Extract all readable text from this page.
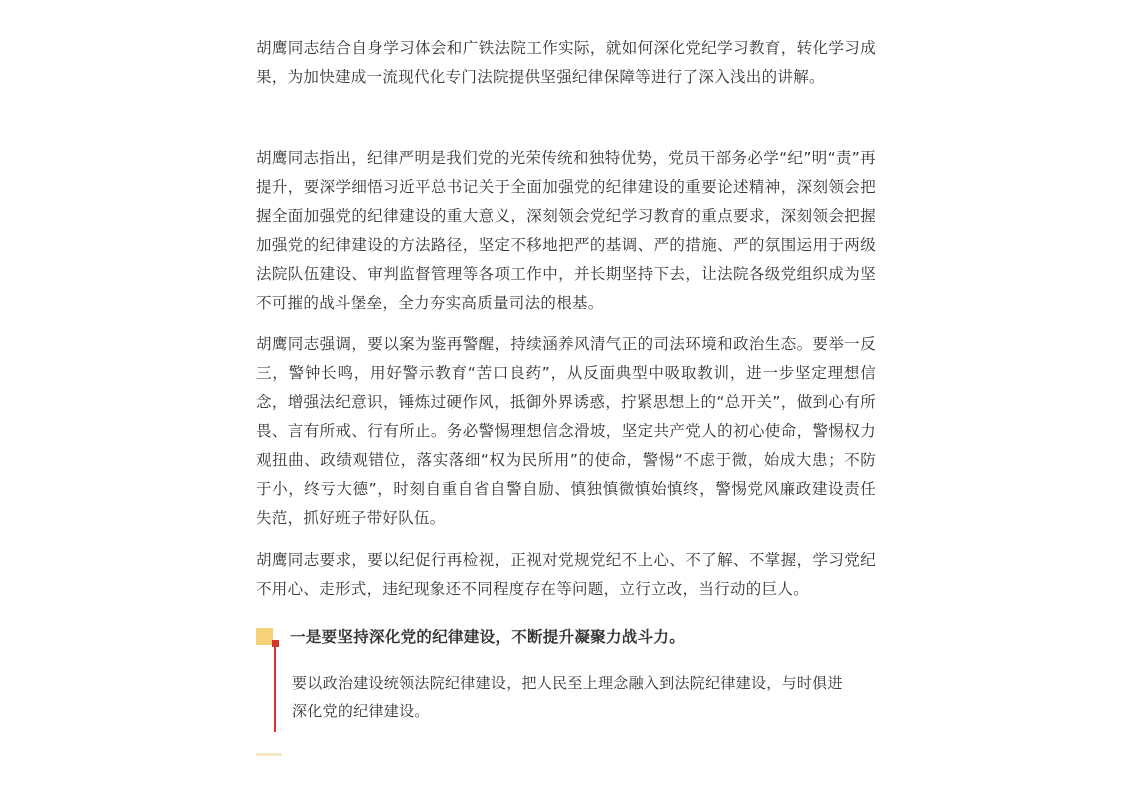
胡鹰同志结合自身学习体会和广铁法院工作实际，就如何深化党纪学习教育，转化学习成果，为加快建成一流现代化专门法院提供坚强纪律保障等进行了深入浅出的讲解。

胡鹰同志指出，纪律严明是我们党的光荣传统和独特优势，党员干部务必学“纪”明“责”再提升，要深学细悟习近平总书记关于全面加强党的纪律建设的重要论述精神，深刻领会把握全面加强党的纪律建设的重大意义，深刻领会党纪学习教育的重点要求，深刻领会把握加强党的纪律建设的方法路径，坚定不移地把严的基调、严的措施、严的氛围运用于两级法院队伍建设、审判监督管理等各项工作中，并长期坚持下去，让法院各级党组织成为坚不可摧的战斗堡垒，全力夯实高质量司法的根基。

胡鹰同志强调，要以案为鉴再警醒，持续涵养风清气正的司法环境和政治生态。要举一反三，警钟长鸣，用好警示教育“苦口良药”，从反面典型中吸取教训，进一步坚定理想信念，增强法纪意识，锤炼过硬作风，抵御外界诱惑，拧紧思想上的“总开关”，做到心有所畏、言有所戒、行有所止。务必警惕理想信念滑坡，坚定共产党人的初心使命，警惕权力观扭曲、政绩观错位，落实落细“权为民所用”的使命，警惕“不虑于微，始成大患；不防于小，终亏大德”，时刻自重自省自警自励、慎独慎微慎始慎终，警惕党风廉政建设责任失范，抓好班子带好队伍。

胡鹰同志要求，要以纪促行再检视，正视对党规党纪不上心、不了解、不掌握，学习党纪不用心、走形式，违纪现象还不同程度存在等问题，立行立改，当行动的巨人。

一是要坚持深化党的纪律建设，不断提升凝聚力战斗力。
要以政治建设统领法院纪律建设，把人民至上理念融入到法院纪律建设，与时俱进深化党的纪律建设。
